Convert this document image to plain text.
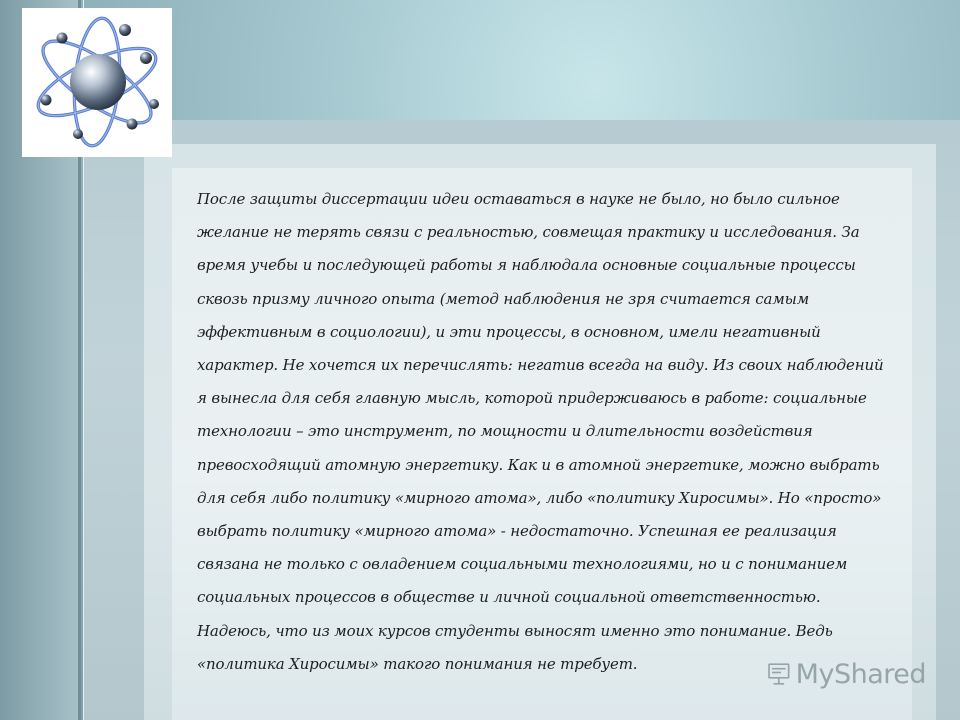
После защиты диссертации идеи оставаться в науке не было, но было сильное
желание не терять связи с реальностью, совмещая практику и исследования. За
время учебы и последующей работы я наблюдала основные социальные процессы
сквозь призму личного опыта (метод наблюдения не зря считается самым
эффективным в социологии), и эти процессы, в основном, имели негативный
характер. Не хочется их перечислять: негатив всегда на виду. Из своих наблюдений
я вынесла для себя главную мысль, которой придерживаюсь в работе: социальные
технологии – это инструмент, по мощности и длительности воздействия
превосходящий атомную энергетику. Как и в атомной энергетике, можно выбрать
для себя либо политику «мирного атома», либо «политику Хиросимы». Но «просто»
выбрать политику «мирного атома» - недостаточно. Успешная ее реализация
связана не только с овладением социальными технологиями, но и с пониманием
социальных процессов в обществе и личной социальной ответственностью.
Надеюсь, что из моих курсов студенты выносят именно это понимание. Ведь
«политика Хиросимы» такого понимания не требует.	MyShared
